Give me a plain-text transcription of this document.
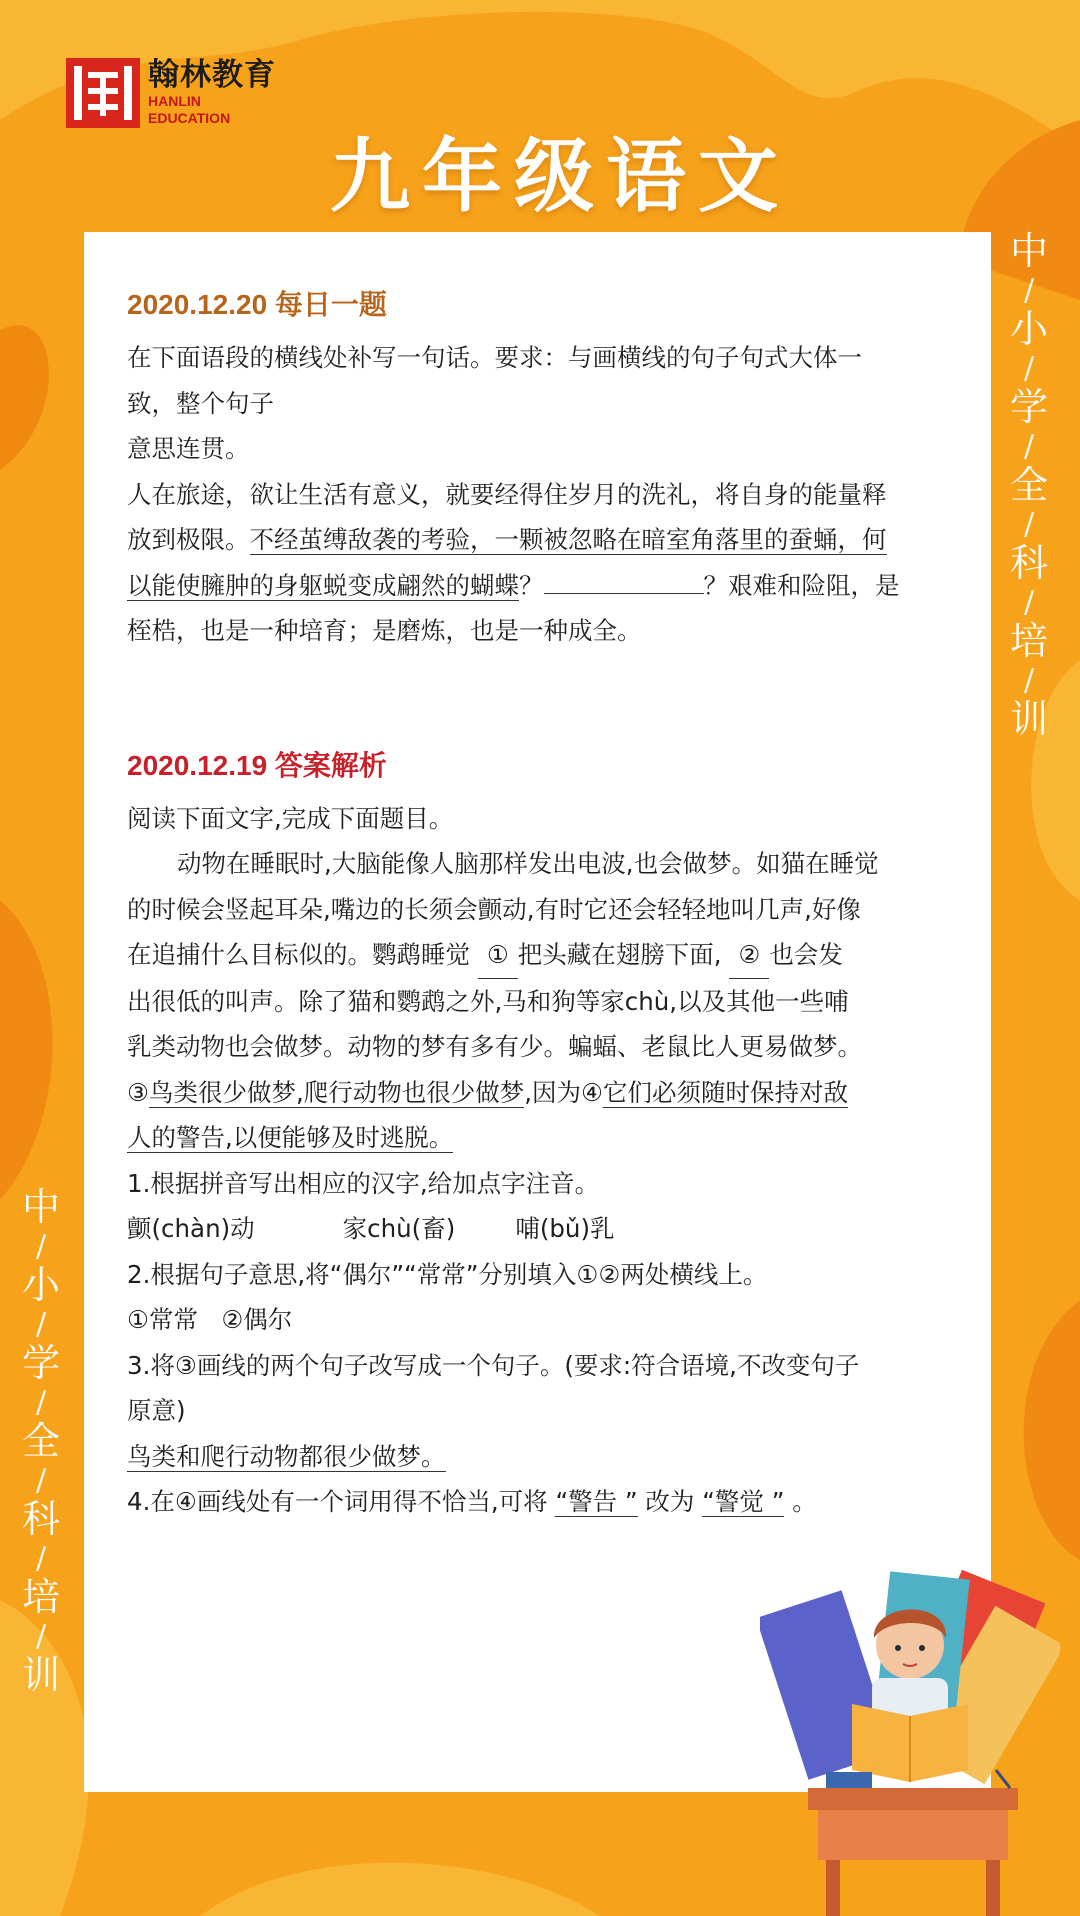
翰林教育
HANLIN
EDUCATION
九年级语文
中
/
小
/
学
/
全
/
科
/
培
/
训
中
/
小
/
学
/
全
/
科
/
培
/
训
2020.12.20 每日一题

在下面语段的横线处补写一句话。要求：与画横线的句子句式大体一

致，整个句子

意思连贯。

人在旅途，欲让生活有意义，就要经得住岁月的洗礼，将自身的能量释

放到极限。不经茧缚敌袭的考验，一颗被忽略在暗室角落里的蚕蛹，何

以能使臃肿的身躯蜕变成翩然的蝴蝶？	？艰难和险阻，是

桎梏，也是一种培育；是磨炼，也是一种成全。

2020.12.19 答案解析

阅读下面文字,完成下面题目。

动物在睡眠时,大脑能像人脑那样发出电波,也会做梦。如猫在睡觉

的时候会竖起耳朵,嘴边的长须会颤动,有时它还会轻轻地叫几声,好像

在追捕什么目标似的。鹦鹉睡觉 ① 把头藏在翅膀下面, ② 也会发

出很低的叫声。除了猫和鹦鹉之外,马和狗等家chù,以及其他一些哺

乳类动物也会做梦。动物的梦有多有少。蝙蝠、老鼠比人更易做梦。

③鸟类很少做梦,爬行动物也很少做梦,因为④它们必须随时保持对敌

人的警告,以便能够及时逃脱。

1.根据拼音写出相应的汉字,给加点字注音。

颤 •(chàn)动	家chù(畜) 哺 •(bǔ)乳

2.根据句子意思,将“偶尔”“常常”分别填入①②两处横线上。

①常常   ②偶尔

3.将③画线的两个句子改写成一个句子。(要求:符合语境,不改变句子

原意)

鸟类和爬行动物都很少做梦。

4.在④画线处有一个词用得不恰当,可将 “警告 ” 改为 “警觉 ” 。
